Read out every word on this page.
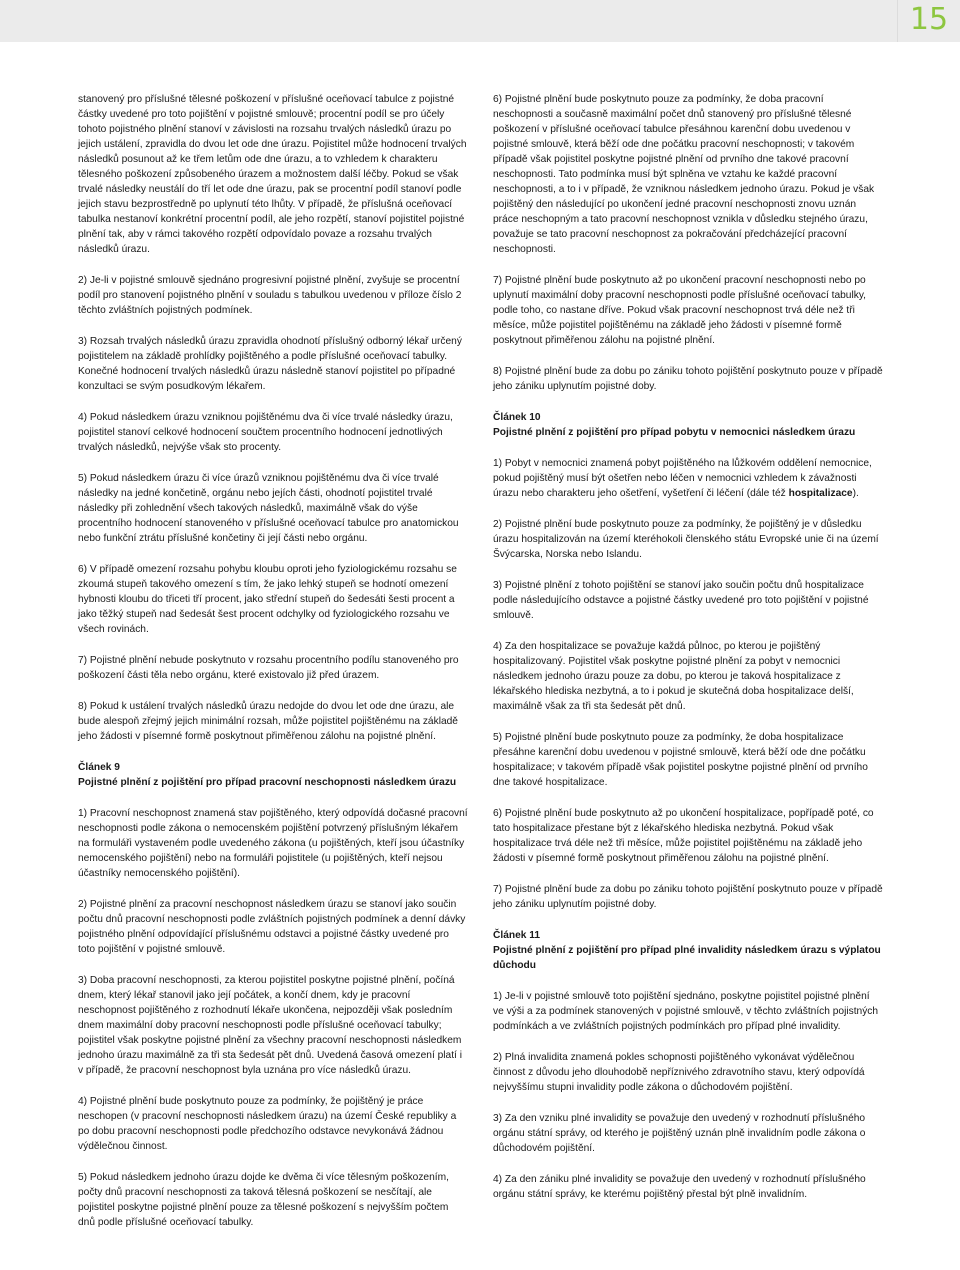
15

stanovený pro příslušné tělesné poškození v příslušné oceňovací tabulce z pojistné částky uvedené pro toto pojištění v pojistné smlouvě; procentní podíl se pro účely tohoto pojistného plnění stanoví v závislosti na rozsahu trvalých následků úrazu po jejich ustálení, zpravidla do dvou let ode dne úrazu. Pojistitel může hodnocení trvalých následků posunout až ke třem letům ode dne úrazu, a to vzhledem k charakteru tělesného poškození způsobeného úrazem a možnostem další léčby. Pokud se však trvalé následky neustálí do tří let ode dne úrazu, pak se procentní podíl stanoví podle jejich stavu bezprostředně po uplynutí této lhůty. V případě, že příslušná oceňovací tabulka nestanoví konkrétní procentní podíl, ale jeho rozpětí, stanoví pojistitel pojistné plnění tak, aby v rámci takového rozpětí odpovídalo povaze a rozsahu trvalých následků úrazu.

2) Je-li v pojistné smlouvě sjednáno progresivní pojistné plnění, zvyšuje se procentní podíl pro stanovení pojistného plnění v souladu s tabulkou uvedenou v příloze číslo 2 těchto zvláštních pojistných podmínek.

3) Rozsah trvalých následků úrazu zpravidla ohodnotí příslušný odborný lékař určený pojistitelem na základě prohlídky pojištěného a podle příslušné oceňovací tabulky. Konečné hodnocení trvalých následků úrazu následně stanoví pojistitel po případné konzultaci se svým posudkovým lékařem.

4) Pokud následkem úrazu vzniknou pojištěnému dva či více trvalé následky úrazu, pojistitel stanoví celkové hodnocení součtem procentního hodnocení jednotlivých trvalých následků, nejvýše však sto procenty.

5) Pokud následkem úrazu či více úrazů vzniknou pojištěnému dva či více trvalé následky na jedné končetině, orgánu nebo jejích části, ohodnotí pojistitel trvalé následky při zohlednění všech takových následků, maximálně však do výše procentního hodnocení stanoveného v příslušné oceňovací tabulce pro anatomickou nebo funkční ztrátu příslušné končetiny či její části nebo orgánu.

6) V případě omezení rozsahu pohybu kloubu oproti jeho fyziologickému rozsahu se zkoumá stupeň takového omezení s tím, že jako lehký stupeň se hodnotí omezení hybnosti kloubu do třiceti tří procent, jako střední stupeň do šedesáti šesti procent a jako těžký stupeň nad šedesát šest procent odchylky od fyziologického rozsahu ve všech rovinách.

7) Pojistné plnění nebude poskytnuto v rozsahu procentního podílu stanoveného pro poškození části těla nebo orgánu, které existovalo již před úrazem.

8) Pokud k ustálení trvalých následků úrazu nedojde do dvou let ode dne úrazu, ale bude alespoň zřejmý jejich minimální rozsah, může pojistitel pojištěnému na základě jeho žádosti v písemné formě poskytnout přiměřenou zálohu na pojistné plnění.

Článek 9
Pojistné plnění z pojištění pro případ pracovní neschopnosti následkem úrazu

1) Pracovní neschopnost znamená stav pojištěného, který odpovídá dočasné pracovní neschopnosti podle zákona o nemocenském pojištění potvrzený příslušným lékařem na formuláři vystaveném podle uvedeného zákona (u pojištěných, kteří jsou účastníky nemocenského pojištění) nebo na formuláři pojistitele (u pojištěných, kteří nejsou účastníky nemocenského pojištění).

2) Pojistné plnění za pracovní neschopnost následkem úrazu se stanoví jako součin počtu dnů pracovní neschopnosti podle zvláštních pojistných podmínek a denní dávky pojistného plnění odpovídající příslušnému odstavci a pojistné částky uvedené pro toto pojištění v pojistné smlouvě.

3) Doba pracovní neschopnosti, za kterou pojistitel poskytne pojistné plnění, počíná dnem, který lékař stanovil jako její počátek, a končí dnem, kdy je pracovní neschopnost pojištěného z rozhodnutí lékaře ukončena, nejpozději však posledním dnem maximální doby pracovní neschopnosti podle příslušné oceňovací tabulky; pojistitel však poskytne pojistné plnění za všechny pracovní neschopnosti následkem jednoho úrazu maximálně za tři sta šedesát pět dnů. Uvedená časová omezení platí i v případě, že pracovní neschopnost byla uznána pro více následků úrazu.

4) Pojistné plnění bude poskytnuto pouze za podmínky, že pojištěný je práce neschopen (v pracovní neschopnosti následkem úrazu) na území České republiky a po dobu pracovní neschopnosti podle předchozího odstavce nevykonává žádnou výdělečnou činnost.

5) Pokud následkem jednoho úrazu dojde ke dvěma či více tělesným poškozením, počty dnů pracovní neschopnosti za taková tělesná poškození se nesčítají, ale pojistitel poskytne pojistné plnění pouze za tělesné poškození s nejvyšším počtem dnů podle příslušné oceňovací tabulky.

6) Pojistné plnění bude poskytnuto pouze za podmínky, že doba pracovní neschopnosti a současně maximální počet dnů stanovený pro příslušné tělesné poškození v příslušné oceňovací tabulce přesáhnou karenční dobu uvedenou v pojistné smlouvě, která běží ode dne počátku pracovní neschopnosti; v takovém případě však pojistitel poskytne pojistné plnění od prvního dne takové pracovní neschopnosti. Tato podmínka musí být splněna ve vztahu ke každé pracovní neschopnosti, a to i v případě, že vzniknou následkem jednoho úrazu. Pokud je však pojištěný den následující po ukončení jedné pracovní neschopnosti znovu uznán práce neschopným a tato pracovní neschopnost vznikla v důsledku stejného úrazu, považuje se tato pracovní neschopnost za pokračování předcházející pracovní neschopnosti.

7) Pojistné plnění bude poskytnuto až po ukončení pracovní neschopnosti nebo po uplynutí maximální doby pracovní neschopnosti podle příslušné oceňovací tabulky, podle toho, co nastane dříve. Pokud však pracovní neschopnost trvá déle než tři měsíce, může pojistitel pojištěnému na základě jeho žádosti v písemné formě poskytnout přiměřenou zálohu na pojistné plnění.

8) Pojistné plnění bude za dobu po zániku tohoto pojištění poskytnuto pouze v případě jeho zániku uplynutím pojistné doby.

Článek 10
Pojistné plnění z pojištění pro případ pobytu v nemocnici následkem úrazu

1) Pobyt v nemocnici znamená pobyt pojištěného na lůžkovém oddělení nemocnice, pokud pojištěný musí být ošetřen nebo léčen v nemocnici vzhledem k závažnosti úrazu nebo charakteru jeho ošetření, vyšetření či léčení (dále též hospitalizace).

2) Pojistné plnění bude poskytnuto pouze za podmínky, že pojištěný je v důsledku úrazu hospitalizován na území kteréhokoli členského státu Evropské unie či na území Švýcarska, Norska nebo Islandu.

3) Pojistné plnění z tohoto pojištění se stanoví jako součin počtu dnů hospitalizace podle následujícího odstavce a pojistné částky uvedené pro toto pojištění v pojistné smlouvě.

4) Za den hospitalizace se považuje každá půlnoc, po kterou je pojištěný hospitalizovaný. Pojistitel však poskytne pojistné plnění za pobyt v nemocnici následkem jednoho úrazu pouze za dobu, po kterou je taková hospitalizace z lékařského hlediska nezbytná, a to i pokud je skutečná doba hospitalizace delší, maximálně však za tři sta šedesát pět dnů.

5) Pojistné plnění bude poskytnuto pouze za podmínky, že doba hospitalizace přesáhne karenční dobu uvedenou v pojistné smlouvě, která běží ode dne počátku hospitalizace; v takovém případě však pojistitel poskytne pojistné plnění od prvního dne takové hospitalizace.

6) Pojistné plnění bude poskytnuto až po ukončení hospitalizace, popřípadě poté, co tato hospitalizace přestane být z lékařského hlediska nezbytná. Pokud však hospitalizace trvá déle než tři měsíce, může pojistitel pojištěnému na základě jeho žádosti v písemné formě poskytnout přiměřenou zálohu na pojistné plnění.

7) Pojistné plnění bude za dobu po zániku tohoto pojištění poskytnuto pouze v případě jeho zániku uplynutím pojistné doby.

Článek 11
Pojistné plnění z pojištění pro případ plné invalidity následkem úrazu s výplatou důchodu

1) Je-li v pojistné smlouvě toto pojištění sjednáno, poskytne pojistitel pojistné plnění ve výši a za podmínek stanovených v pojistné smlouvě, v těchto zvláštních pojistných podmínkách a ve zvláštních pojistných podmínkách pro případ plné invalidity.

2) Plná invalidita znamená pokles schopnosti pojištěného vykonávat výdělečnou činnost z důvodu jeho dlouhodobě nepříznivého zdravotního stavu, který odpovídá nejvyššímu stupni invalidity podle zákona o důchodovém pojištění.

3) Za den vzniku plné invalidity se považuje den uvedený v rozhodnutí příslušného orgánu státní správy, od kterého je pojištěný uznán plně invalidním podle zákona o důchodovém pojištění.

4) Za den zániku plné invalidity se považuje den uvedený v rozhodnutí příslušného orgánu státní správy, ke kterému pojištěný přestal být plně invalidním.
